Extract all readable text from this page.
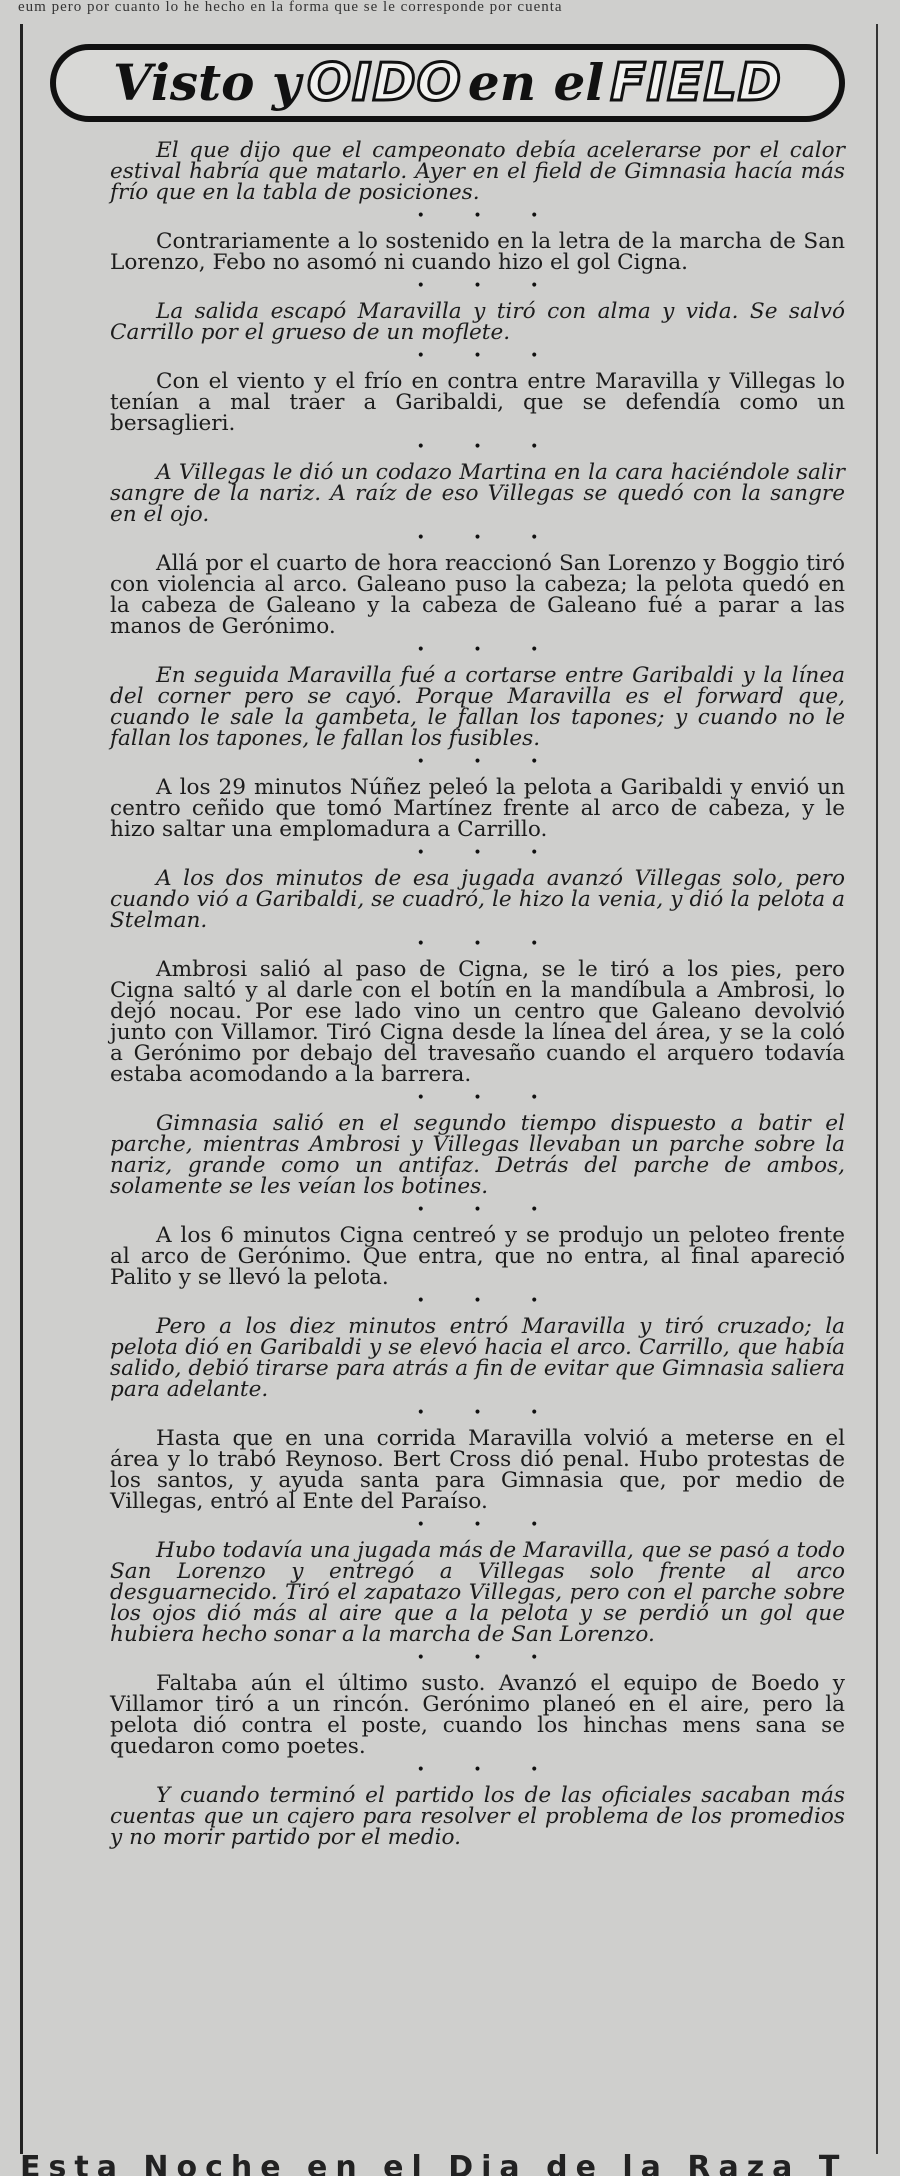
eum pero por cuanto lo he hecho en la forma que se le corresponde por cuenta
Visto y OIDO en el FIELD

El que dijo que el campeonato debía acelerarse por el calor estival habría que matarlo. Ayer en el field de Gimnasia hacía más frío que en la tabla de posiciones.

• • •

Contrariamente a lo sostenido en la letra de la marcha de San Lorenzo, Febo no asomó ni cuando hizo el gol Cigna.

• • •

La salida escapó Maravilla y tiró con alma y vida. Se salvó Carrillo por el grueso de un moflete.

• • •

Con el viento y el frío en contra entre Maravilla y Villegas lo tenían a mal traer a Garibaldi, que se defendía como un bersaglieri.

• • •

A Villegas le dió un codazo Martina en la cara haciéndole salir sangre de la nariz. A raíz de eso Villegas se quedó con la sangre en el ojo.

• • •

Allá por el cuarto de hora reaccionó San Lorenzo y Boggio tiró con violencia al arco. Galeano puso la cabeza; la pelota quedó en la cabeza de Galeano y la cabeza de Galeano fué a parar a las manos de Gerónimo.

• • •

En seguida Maravilla fué a cortarse entre Garibaldi y la línea del corner pero se cayó. Porque Maravilla es el forward que, cuando le sale la gambeta, le fallan los tapones; y cuando no le fallan los tapones, le fallan los fusibles.

• • •

A los 29 minutos Núñez peleó la pelota a Garibaldi y envió un centro ceñido que tomó Martínez frente al arco de cabeza, y le hizo saltar una emplomadura a Carrillo.

• • •

A los dos minutos de esa jugada avanzó Villegas solo, pero cuando vió a Garibaldi, se cuadró, le hizo la venia, y dió la pelota a Stelman.

• • •

Ambrosi salió al paso de Cigna, se le tiró a los pies, pero Cigna saltó y al darle con el botín en la mandíbula a Ambrosi, lo dejó nocau. Por ese lado vino un centro que Galeano devolvió junto con Villamor. Tiró Cigna desde la línea del área, y se la coló a Gerónimo por debajo del travesaño cuando el arquero todavía estaba acomodando a la barrera.

• • •

Gimnasia salió en el segundo tiempo dispuesto a batir el parche, mientras Ambrosi y Villegas llevaban un parche sobre la nariz, grande como un antifaz. Detrás del parche de ambos, solamente se les veían los botines.

• • •

A los 6 minutos Cigna centreó y se produjo un peloteo frente al arco de Gerónimo. Que entra, que no entra, al final apareció Palito y se llevó la pelota.

• • •

Pero a los diez minutos entró Maravilla y tiró cruzado; la pelota dió en Garibaldi y se elevó hacia el arco. Carrillo, que había salido, debió tirarse para atrás a fin de evitar que Gimnasia saliera para adelante.

• • •

Hasta que en una corrida Maravilla volvió a meterse en el área y lo trabó Reynoso. Bert Cross dió penal. Hubo protestas de los santos, y ayuda santa para Gimnasia que, por medio de Villegas, entró al Ente del Paraíso.

• • •

Hubo todavía una jugada más de Maravilla, que se pasó a todo San Lorenzo y entregó a Villegas solo frente al arco desguarnecido. Tiró el zapatazo Villegas, pero con el parche sobre los ojos dió más al aire que a la pelota y se perdió un gol que hubiera hecho sonar a la marcha de San Lorenzo.

• • •

Faltaba aún el último susto. Avanzó el equipo de Boedo y Villamor tiró a un rincón. Gerónimo planeó en el aire, pero la pelota dió contra el poste, cuando los hinchas mens sana se quedaron como poetes.

• • •

Y cuando terminó el partido los de las oficiales sacaban más cuentas que un cajero para resolver el problema de los promedios y no morir partido por el medio.

Esta Noche en el Dia de la Raza T
